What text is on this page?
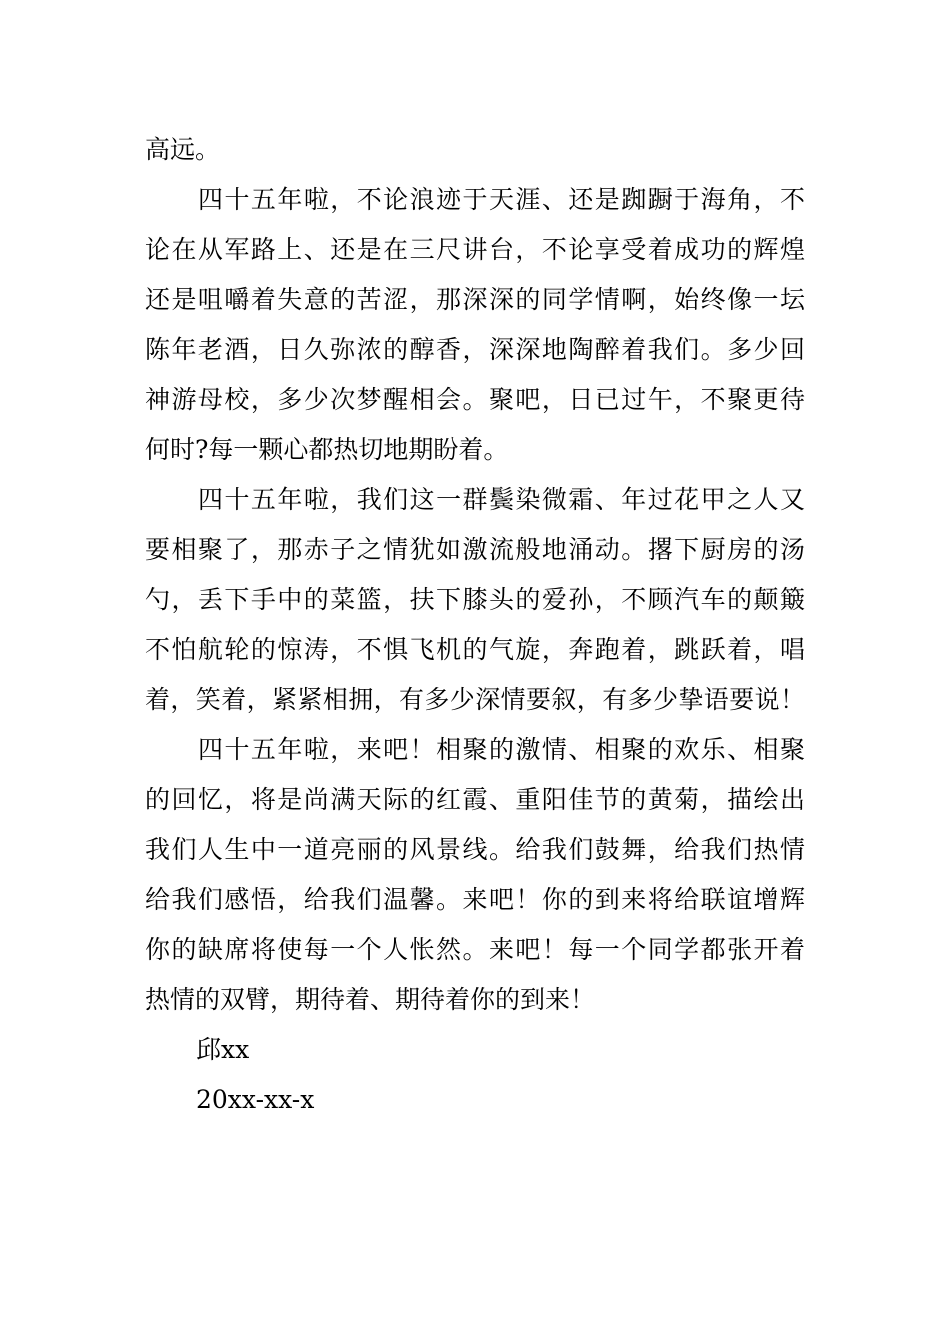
高远。
四十五年啦，不论浪迹于天涯、还是踟蹰于海角，不
论在从军路上、还是在三尺讲台，不论享受着成功的辉煌
还是咀嚼着失意的苦涩，那深深的同学情啊，始终像一坛
陈年老酒，日久弥浓的醇香，深深地陶醉着我们。多少回
神游母校，多少次梦醒相会。聚吧，日已过午，不聚更待
何时?每一颗心都热切地期盼着。
四十五年啦，我们这一群鬓染微霜、年过花甲之人又
要相聚了，那赤子之情犹如激流般地涌动。撂下厨房的汤
勺，丢下手中的菜篮，扶下膝头的爱孙，不顾汽车的颠簸
不怕航轮的惊涛，不惧飞机的气旋，奔跑着，跳跃着，唱
着，笑着，紧紧相拥，有多少深情要叙，有多少挚语要说！
四十五年啦，来吧！相聚的激情、相聚的欢乐、相聚
的回忆，将是尚满天际的红霞、重阳佳节的黄菊，描绘出
我们人生中一道亮丽的风景线。给我们鼓舞，给我们热情
给我们感悟，给我们温馨。来吧！你的到来将给联谊增辉
你的缺席将使每一个人怅然。来吧！每一个同学都张开着
热情的双臂，期待着、期待着你的到来！
邱xx
20xx-xx-x
